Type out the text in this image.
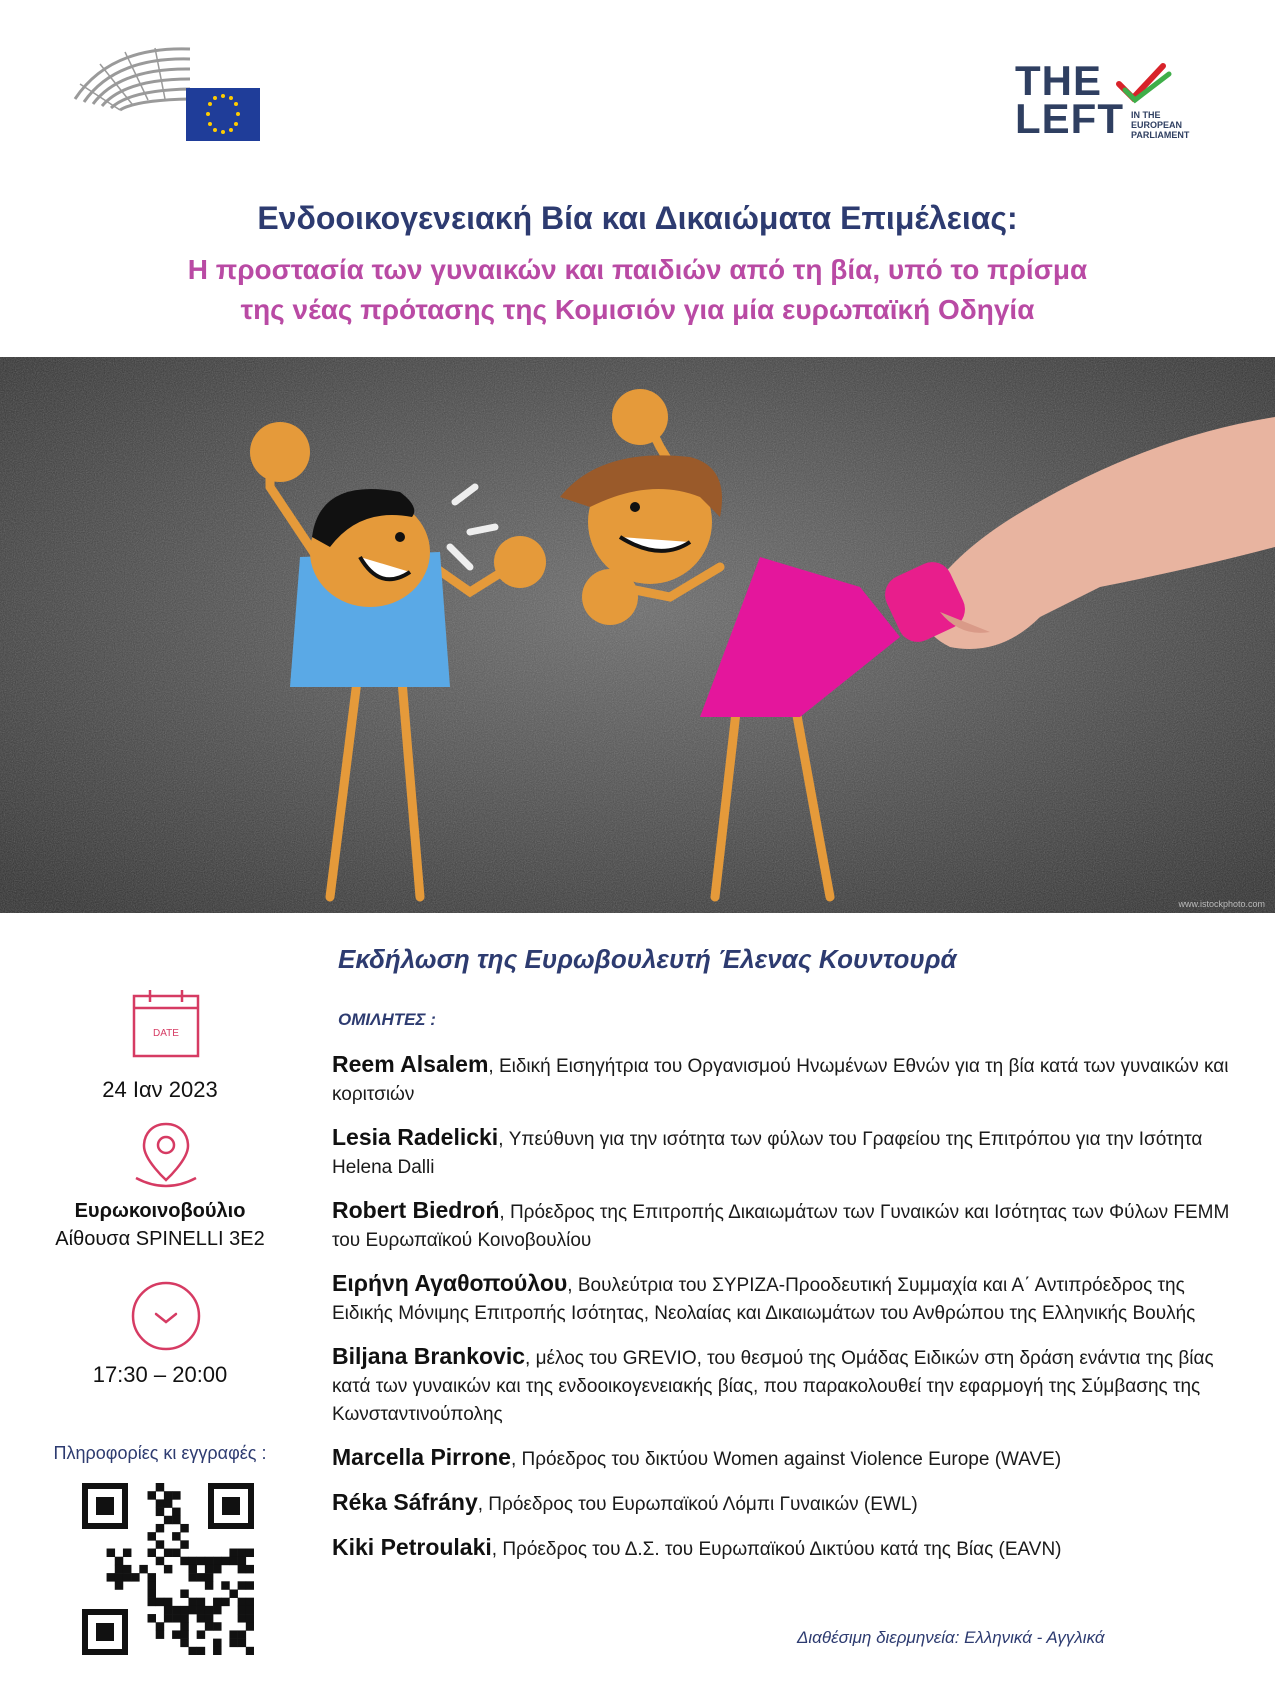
THE
LEFT IN THE
EUROPEAN
PARLIAMENT
Ενδοοικογενειακή Βία και Δικαιώματα Επιμέλειας:
Η προστασία των γυναικών και παιδιών από τη βία, υπό το πρίσμα
της νέας πρότασης της Κομισιόν για μία ευρωπαϊκή Οδηγία
www.istockphoto.com
Εκδήλωση της Ευρωβουλευτή Έλενας Κουντουρά
ΟΜΙΛΗΤΕΣ :
Reem Alsalem, Ειδική Εισηγήτρια του Οργανισμού Ηνωμένων Εθνών για τη βία κατά των γυναικών και κοριτσιών
Lesia Radelicki, Υπεύθυνη για την ισότητα των φύλων του Γραφείου της Επιτρόπου για την Ισότητα Helena Dalli
Robert Biedroń, Πρόεδρος της Επιτροπής Δικαιωμάτων των Γυναικών και Ισότητας των Φύλων FEMM του Ευρωπαϊκού Κοινοβουλίου
Ειρήνη Αγαθοπούλου, Βουλεύτρια του ΣΥΡΙΖΑ-Προοδευτική Συμμαχία και Α΄ Αντιπρόεδρος της Ειδικής Μόνιμης Επιτροπής Ισότητας, Νεολαίας και Δικαιωμάτων του Ανθρώπου της Ελληνικής Βουλής
Biljana Brankovic, μέλος του GREVIO, του θεσμού της Ομάδας Ειδικών στη δράση ενάντια της βίας κατά των γυναικών και της ενδοοικογενειακής βίας, που παρακολουθεί την εφαρμογή της Σύμβασης της Κωνσταντινούπολης
Marcella Pirrone, Πρόεδρος του δικτύου Women against Violence Europe (WAVE)
Réka Sáfrány, Πρόεδρος του Ευρωπαϊκού Λόμπι Γυναικών (EWL)
Kiki Petroulaki, Πρόεδρος του Δ.Σ. του Ευρωπαϊκού Δικτύου κατά της Βίας (EAVN)
Διαθέσιμη διερμηνεία: Ελληνικά - Αγγλικά
DATE
24 Ιαν 2023
Ευρωκοινοβούλιο
Αίθουσα SPINELLI 3E2
17:30 – 20:00
Πληροφορίες κι εγγραφές :
